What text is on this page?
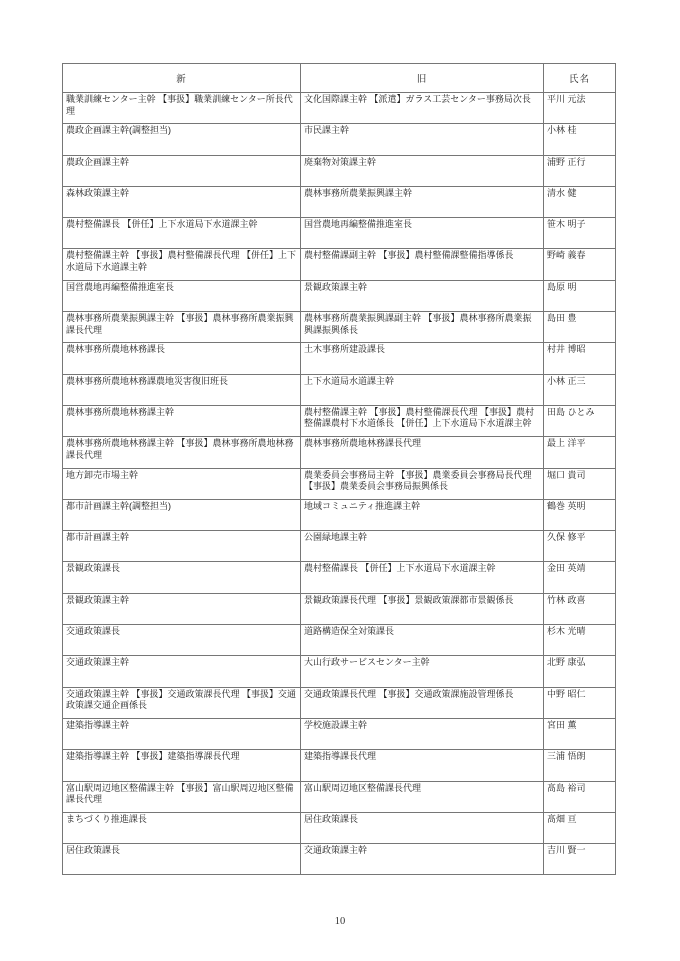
新	旧	氏名
職業訓練センター主幹 【事扱】職業訓練センター所長代理	文化国際課主幹 【派遣】ガラス工芸センター事務局次長	平川 元法
農政企画課主幹(調整担当)	市民課主幹	小林 桂
農政企画課主幹	廃棄物対策課主幹	浦野 正行
森林政策課主幹	農林事務所農業振興課主幹	清水 健
農村整備課長 【併任】上下水道局下水道課主幹	国営農地再編整備推進室長	笹木 明子
農村整備課主幹 【事扱】農村整備課長代理 【併任】上下水道局下水道課主幹	農村整備課副主幹 【事扱】農村整備課整備指導係長	野崎 義春
国営農地再編整備推進室長	景観政策課主幹	島原 明
農林事務所農業振興課主幹 【事扱】農林事務所農業振興課長代理	農林事務所農業振興課副主幹 【事扱】農林事務所農業振興課振興係長	島田 豊
農林事務所農地林務課長	土木事務所建設課長	村井 博昭
農林事務所農地林務課農地災害復旧班長	上下水道局水道課主幹	小林 正三
農林事務所農地林務課主幹	農村整備課主幹 【事扱】農村整備課長代理 【事扱】農村整備課農村下水道係長 【併任】上下水道局下水道課主幹	田島 ひとみ
農林事務所農地林務課主幹 【事扱】農林事務所農地林務課長代理	農林事務所農地林務課長代理	最上 洋平
地方卸売市場主幹	農業委員会事務局主幹 【事扱】農業委員会事務局長代理 【事扱】農業委員会事務局振興係長	堀口 貴司
都市計画課主幹(調整担当)	地域コミュニティ推進課主幹	鶴巻 英明
都市計画課主幹	公園緑地課主幹	久保 修平
景観政策課長	農村整備課長 【併任】上下水道局下水道課主幹	金田 英靖
景観政策課主幹	景観政策課長代理 【事扱】景観政策課都市景観係長	竹林 政喜
交通政策課長	道路構造保全対策課長	杉木 光晴
交通政策課主幹	大山行政サービスセンター主幹	北野 康弘
交通政策課主幹 【事扱】交通政策課長代理 【事扱】交通政策課交通企画係長	交通政策課長代理 【事扱】交通政策課施設管理係長	中野 昭仁
建築指導課主幹	学校施設課主幹	宮田 薫
建築指導課主幹 【事扱】建築指導課長代理	建築指導課長代理	三浦 悟朗
富山駅周辺地区整備課主幹 【事扱】富山駅周辺地区整備課長代理	富山駅周辺地区整備課長代理	髙島 裕司
まちづくり推進課長	居住政策課長	髙畑 亘
居住政策課長	交通政策課主幹	吉川 賢一
10
